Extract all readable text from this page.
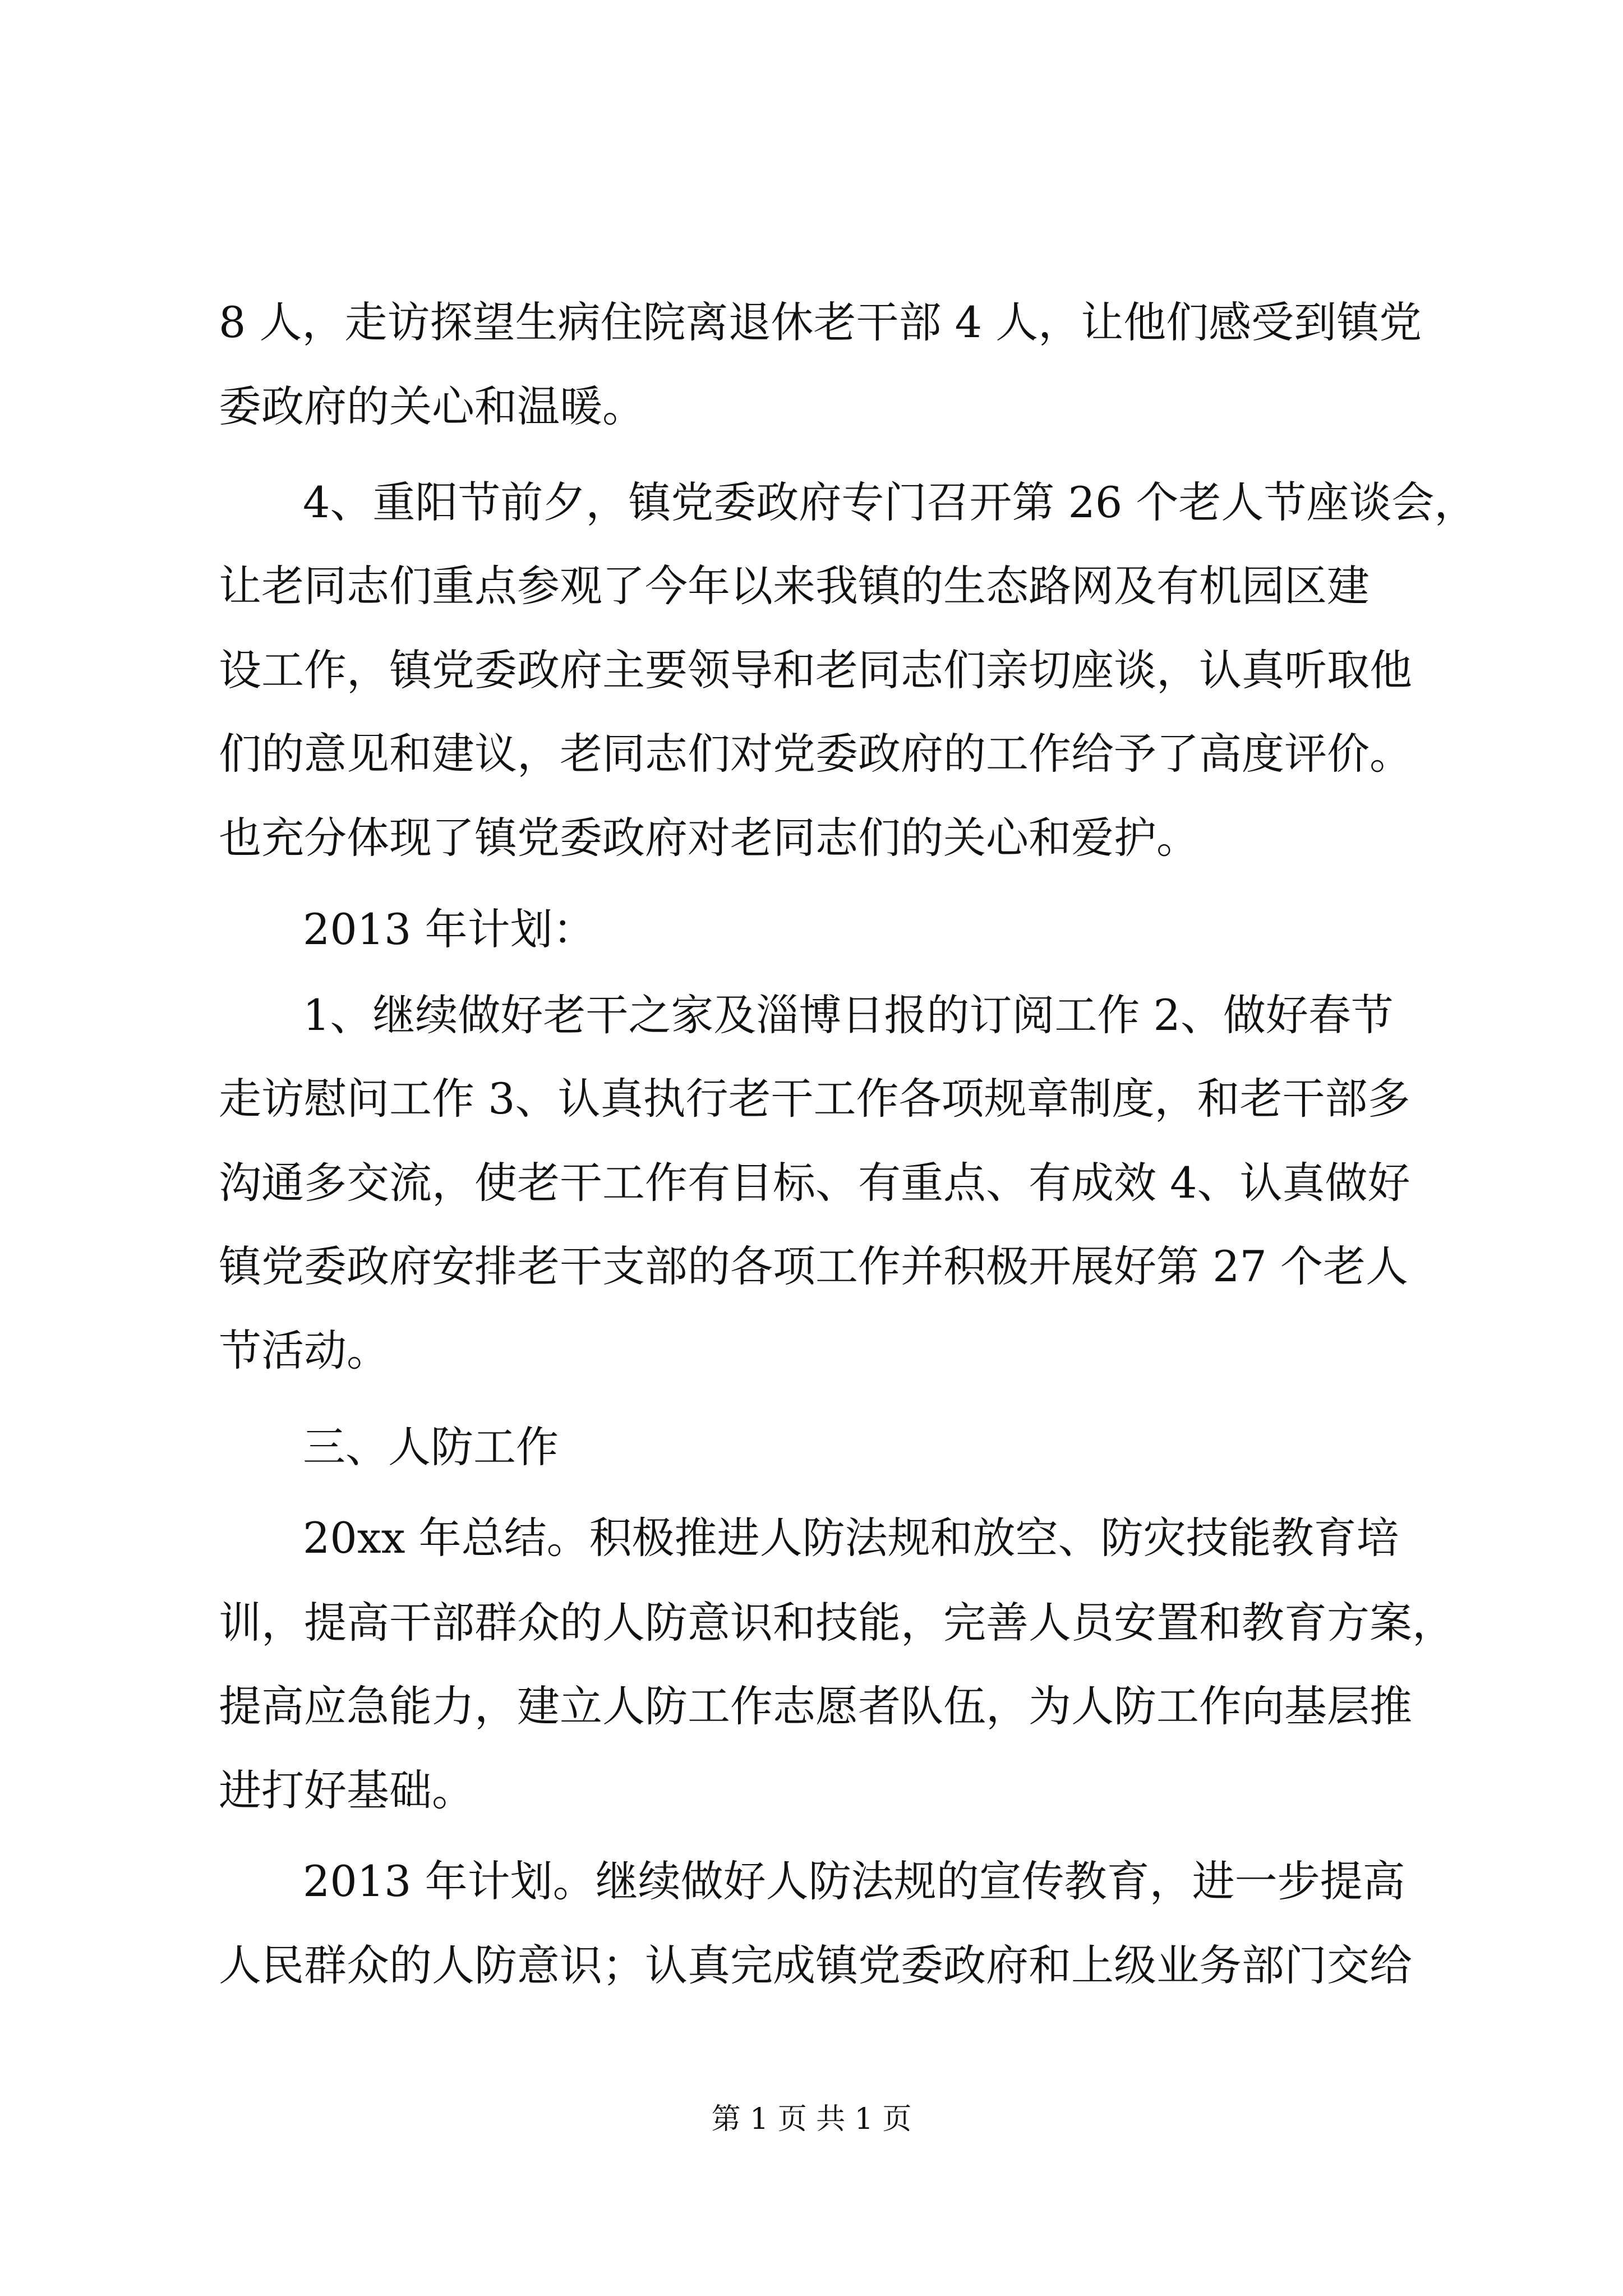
8 人，走访探望生病住院离退休老干部 4 人，让他们感受到镇党
委政府的关心和温暖。
4、重阳节前夕，镇党委政府专门召开第 26 个老人节座谈会，
让老同志们重点参观了今年以来我镇的生态路网及有机园区建
设工作，镇党委政府主要领导和老同志们亲切座谈，认真听取他
们的意见和建议，老同志们对党委政府的工作给予了高度评价。
也充分体现了镇党委政府对老同志们的关心和爱护。
2013 年计划：
1、继续做好老干之家及淄博日报的订阅工作 2、做好春节
走访慰问工作 3、认真执行老干工作各项规章制度，和老干部多
沟通多交流，使老干工作有目标、有重点、有成效 4、认真做好
镇党委政府安排老干支部的各项工作并积极开展好第 27 个老人
节活动。
三、人防工作
20xx 年总结。积极推进人防法规和放空、防灾技能教育培
训，提高干部群众的人防意识和技能，完善人员安置和教育方案，
提高应急能力，建立人防工作志愿者队伍，为人防工作向基层推
进打好基础。
2013 年计划。继续做好人防法规的宣传教育，进一步提高
人民群众的人防意识；认真完成镇党委政府和上级业务部门交给
第 1 页 共 1 页
